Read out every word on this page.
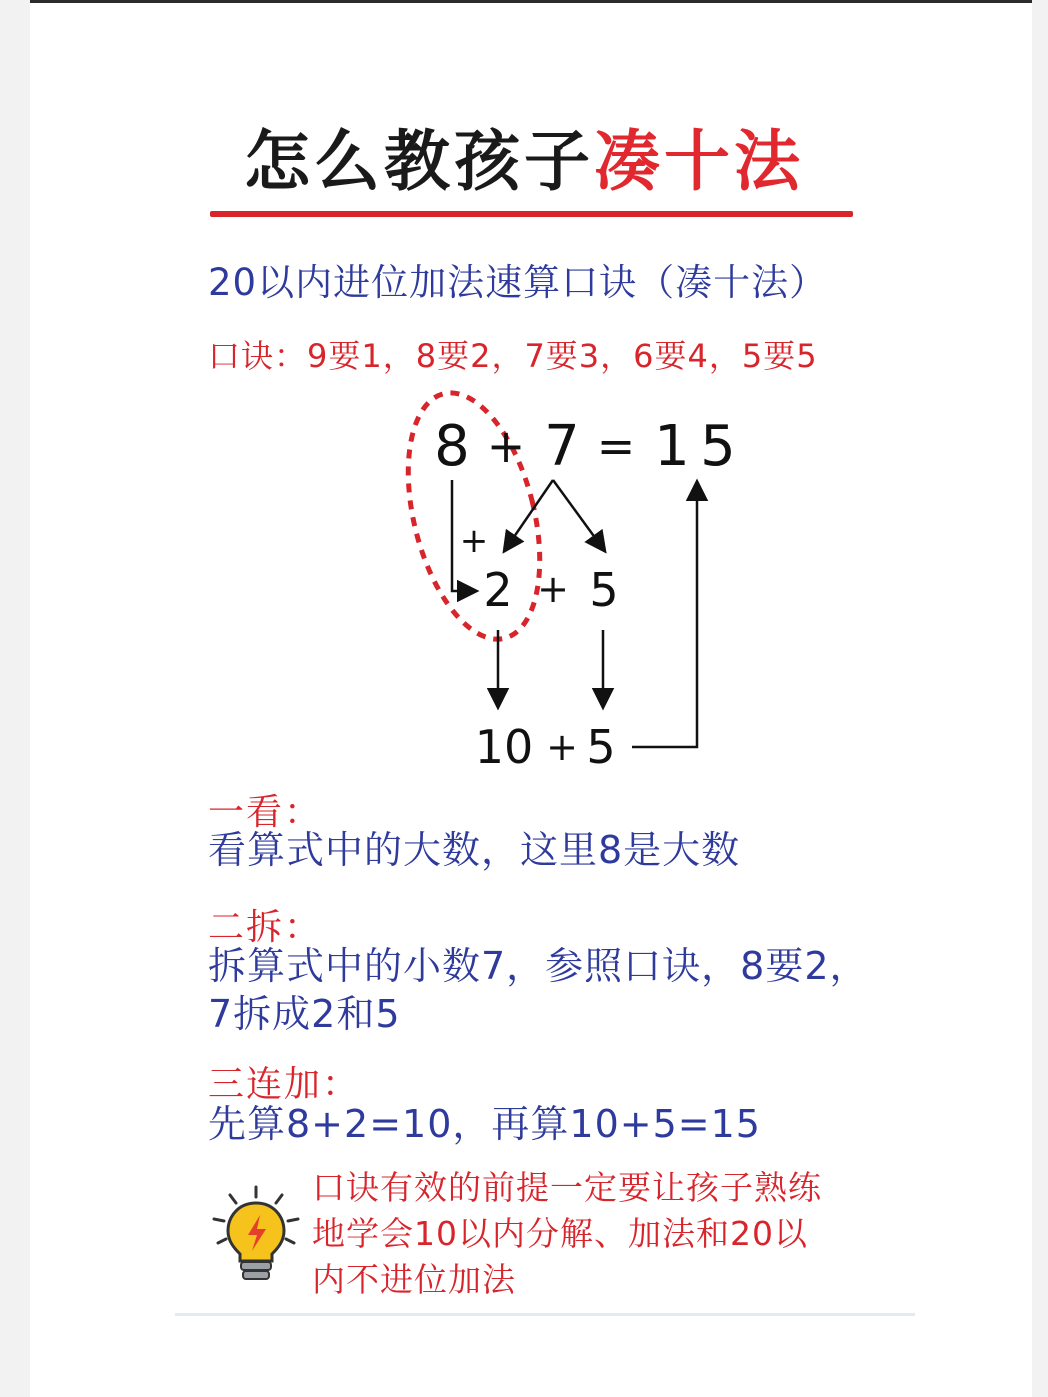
怎么教孩子凑十法
20以内进位加法速算口诀（凑十法）
口诀：9要1，8要2，7要3，6要4，5要5
8 + 7 = 1 5
+
2 + 5
10 + 5
一看：
看算式中的大数，这里8是大数
二拆：
拆算式中的小数7，参照口诀，8要2，
7拆成2和5
三连加：
先算8+2=10，再算10+5=15
口诀有效的前提一定要让孩子熟练
地学会10以内分解、加法和20以
内不进位加法
